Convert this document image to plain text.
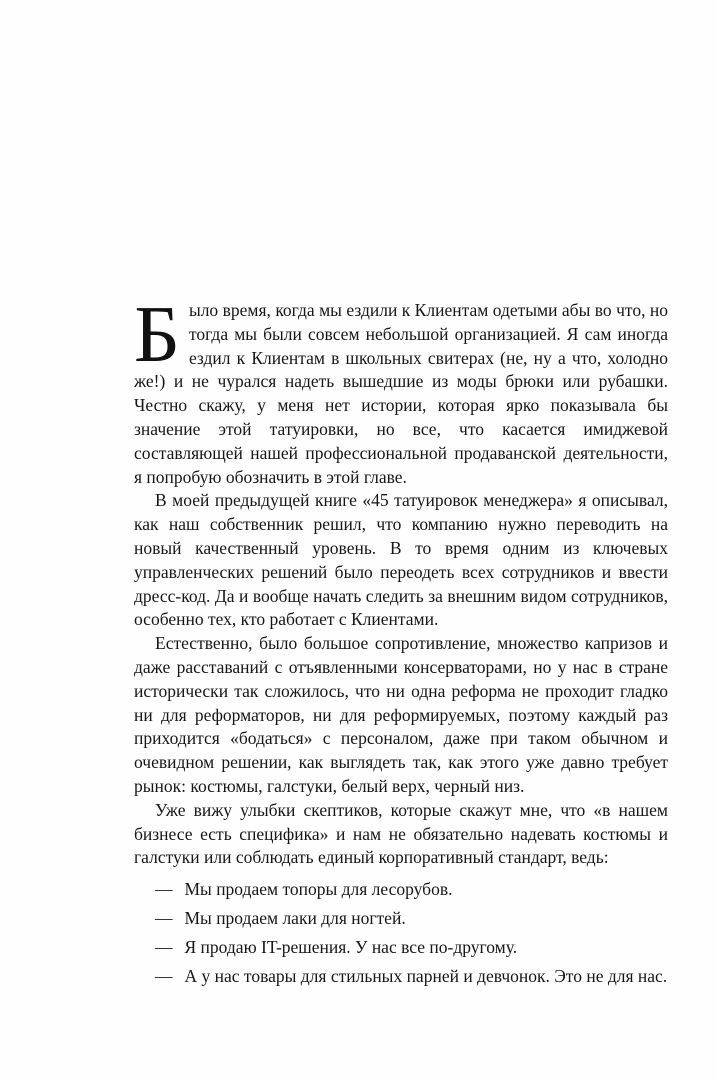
Было время, когда мы ездили к Клиентам одетыми абы во что, но тогда мы были совсем небольшой организацией. Я сам иногда ездил к Клиентам в школьных свитерах (не, ну а что, холодно же!) и не чурался надеть вышедшие из моды брюки или рубашки. Честно скажу, у меня нет истории, которая ярко показывала бы значение этой татуировки, но все, что касается имиджевой составляющей нашей профессиональной продаванской деятельности, я попробую обозначить в этой главе.

В моей предыдущей книге «45 татуировок менеджера» я описывал, как наш собственник решил, что компанию нужно переводить на новый качественный уровень. В то время одним из ключевых управленческих решений было переодеть всех сотрудников и ввести дресс-код. Да и вообще начать следить за внешним видом сотрудников, особенно тех, кто работает с Клиентами.

Естественно, было большое сопротивление, множество капризов и даже расставаний с отъявленными консерваторами, но у нас в стране исторически так сложилось, что ни одна реформа не проходит гладко ни для реформаторов, ни для реформируемых, поэтому каждый раз приходится «бодаться» с персоналом, даже при таком обычном и очевидном решении, как выглядеть так, как этого уже давно требует рынок: костюмы, галстуки, белый верх, черный низ.

Уже вижу улыбки скептиков, которые скажут мне, что «в нашем бизнесе есть специфика» и нам не обязательно надевать костюмы и галстуки или соблюдать единый корпоративный стандарт, ведь:

— Мы продаем топоры для лесорубов.
— Мы продаем лаки для ногтей.
— Я продаю IT-решения. У нас все по-другому.
— А у нас товары для стильных парней и девчонок. Это не для нас.
